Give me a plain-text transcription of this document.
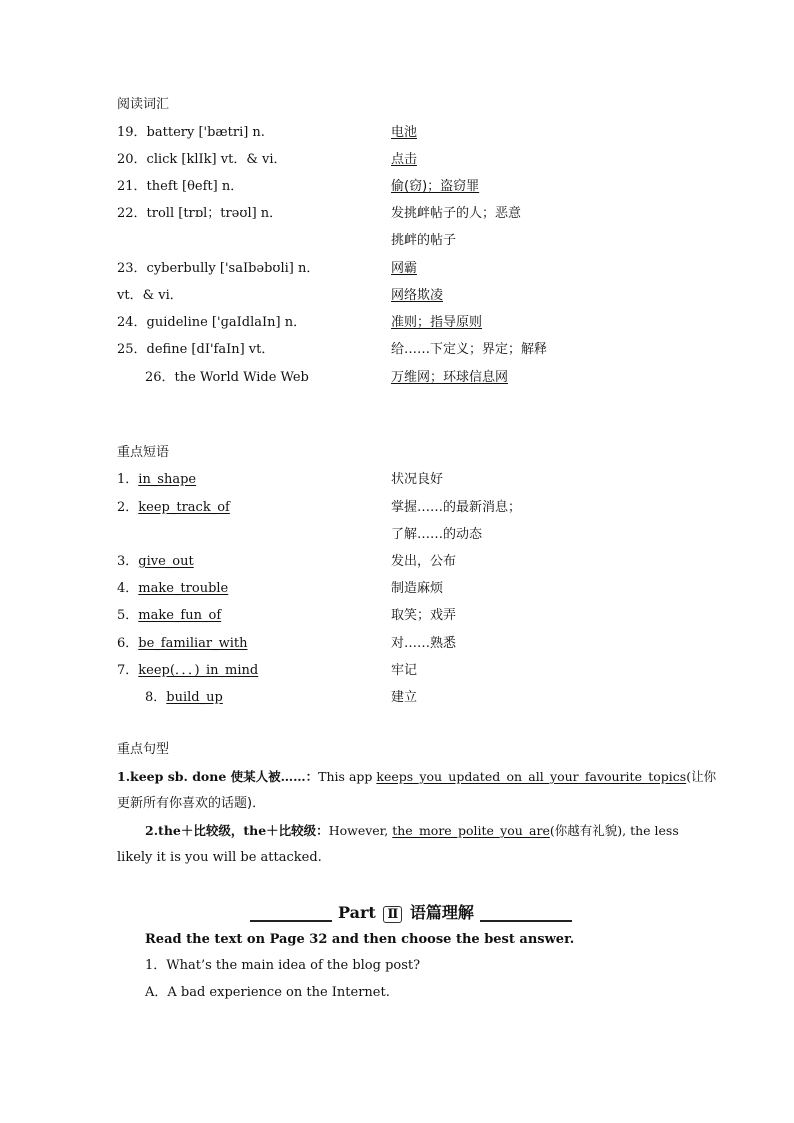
阅读词汇
19．battery ['bætri] n.	电池
20．click [klIk] vt．& vi．	点击
21．theft [θeft] n．	偷(窃)；盗窃罪
22．troll [trɒl；trəʊl] n．	发挑衅帖子的人；恶意
挑衅的帖子
23．cyberbully ['saIbəbʊli] n．	网霸
vt．& vi．	网络欺凌
24．guideline ['ɡaIdlaIn] n．	准则；指导原则
25．define [dI'faIn] vt．	给……下定义；界定；解释
26．the World Wide Web	万维网；环球信息网
重点短语
1．in_shape	状况良好
2．keep_track_of	掌握……的最新消息；
了解……的动态
3．give_out	发出，公布
4．make_trouble	制造麻烦
5．make_fun_of	取笑；戏弄
6．be_familiar_with	对……熟悉
7．keep(．．．)_in_mind	牢记
8．build_up	建立
重点句型
1.keep sb. done 使某人被……：This app keeps_you_updated_on_all_your_favourite_topics(让你
更新所有你喜欢的话题)．
2.the＋比较级，the＋比较级：However, the_more_polite_you_are(你越有礼貌), the less
likely it is you will be attacked.
Part Ⅱ 语篇理解
Read the text on Page 32 and then choose the best answer.
1．What’s the main idea of the blog post?
A．A bad experience on the Internet.
